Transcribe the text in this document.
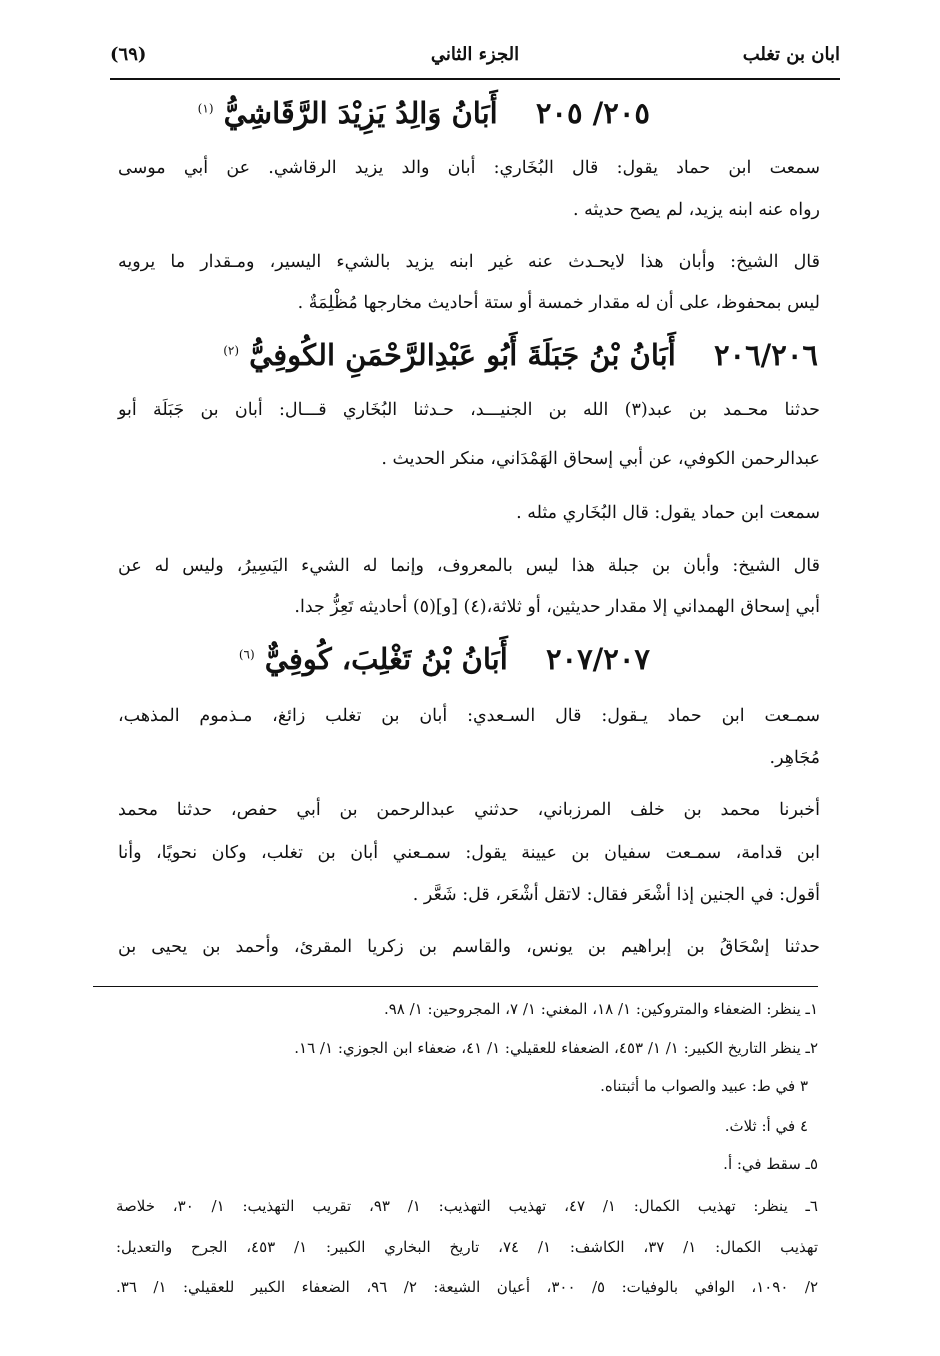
ابان بن تغلب
الجزء الثاني
(٦٩)
٢٠٥/ ٢٠٥ أَبَانُ وَالِدُ يَزِيْدَ الرَّقَاشِيُّ $^{(١)}$
سمعت ابن حماد يقول: قال البُخَاري: أبان والد يزيد الرقاشي. عن أبي موسى
رواه عنه ابنه يزيد، لم يصح حديثه .
قال الشيخ: وأبان هذا لايحـدث عنه غير ابنه يزيد بالشيء اليسير، ومـقدار ما يرويه
ليس بمحفوظ، على أن له مقدار خمسة أو ستة أحاديث مخارجها مُظْلِمَةٌ .
٢٠٦/٢٠٦ أَبَانُ بْنُ جَبَلَةَ أَبُو عَبْدِالرَّحْمَنِ الكُوفِيُّ $^{(٢)}$
حدثنا محـمد بن عبد(٣) الله بن الجنيـــد، حـدثنا البُخَاري قـــال: أبان بن جَبَلَة أبو
عبدالرحمن الكوفي، عن أبي إسحاق الهَمْدَاني، منكر الحديث .
سمعت ابن حماد يقول: قال البُخَاري مثله .
قال الشيخ: وأبان بن جبلة هذا ليس بالمعروف، وإنما له الشيء اليَسِيرُ، وليس له عن
أبي إسحاق الهمداني إلا مقدار حديثين، أو ثلاثة،(٤) [و](٥) أحاديثه تَعِزُّ جدا.
٢٠٧/٢٠٧ أَبَانُ بْنُ تَغْلِبَ، كُوفِيٌّ $^{(٦)}$
سمـعت ابن حماد يـقول: قال السـعدي: أبان بن تغلب زائغ، مـذموم المذهب،
مُجَاهِر.
أخبرنا محمد بن خلف المرزباني، حدثني عبدالرحمن بن أبي حفص، حدثنا محمد
ابن قدامة، سمـعت سفيان بن عيينة يقول: سمـعني أبان بن تغلب، وكان نحويًا، وأنا
أقول: في الجنين إذا أشْعَر فقال: لاتقل أشْعَر، قل: شَعَّر .
حدثنا إسْحَاقُ بن إبراهيم بن يونس، والقاسم بن زكريا المقرئ، وأحمد بن يحيى بن
١ـ ينظر: الضعفاء والمتروكين: ١/ ١٨، المغني: ١/ ٧، المجروحين: ١/ ٩٨.
٢ـ ينظر التاريخ الكبير: ١/ ١/ ٤٥٣، الضعفاء للعقيلي: ١/ ٤١، ضعفاء ابن الجوزي: ١/ ١٦.
٣ في ط: عبيد والصواب ما أثبتناه.
٤ في أ: ثلاث.
٥ـ سقط في: أ.
٦ـ ينظر: تهذيب الكمال: ١/ ٤٧، تهذيب التهذيب: ١/ ٩٣، تقريب التهذيب: ١/ ٣٠، خلاصة
تهذيب الكمال: ١/ ٣٧، الكاشف: ١/ ٧٤، تاريخ البخاري الكبير: ١/ ٤٥٣، الجرح والتعديل:
٢/ ١٠٩٠، الوافي بالوفيات: ٥/ ٣٠٠، أعيان الشيعة: ٢/ ٩٦، الضعفاء الكبير للعقيلي: ١/ ٣٦.
